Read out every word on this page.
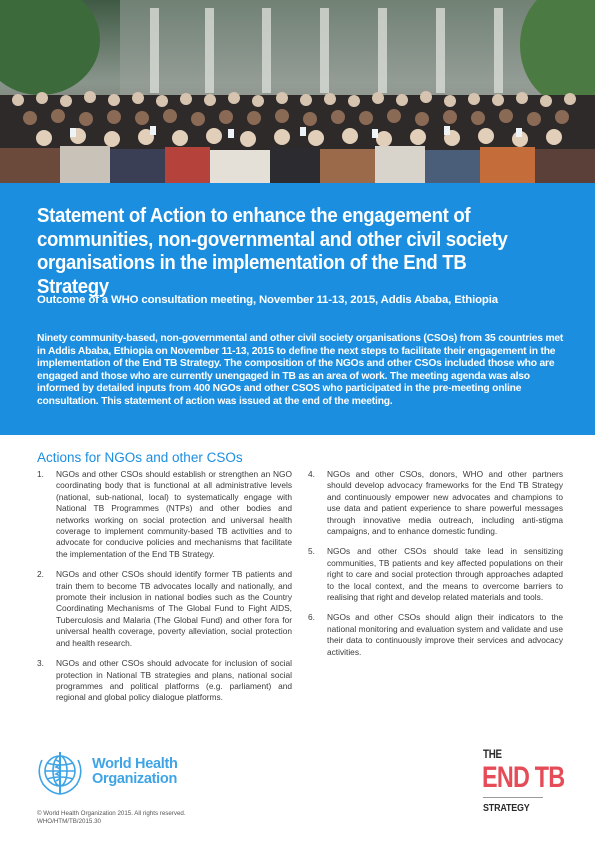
Statement of Action to enhance the engagement of communities, non-governmental and other civil society organisations in the implementation of the End TB Strategy

Outcome of a WHO consultation meeting, November 11-13, 2015, Addis Ababa, Ethiopia

Ninety community-based, non-governmental and other civil society organisations (CSOs) from 35 countries met in Addis Ababa, Ethiopia on November 11-13, 2015 to define the next steps to facilitate their engagement in the implementation of the End TB Strategy. The composition of the NGOs and other CSOs included those who are engaged and those who are currently unengaged in TB as an area of work. The meeting agenda was also informed by detailed inputs from 400 NGOs and other CSOS who participated in the pre-meeting online consultation. This statement of action was issued at the end of the meeting.

Actions for NGOs and other CSOs
1. NGOs and other CSOs should establish or strengthen an NGO coordinating body that is functional at all administrative levels (national, sub-national, local) to systematically engage with National TB Programmes (NTPs) and other bodies and networks working on social protection and universal health coverage to implement community-based TB activities and to advocate for conducive policies and mechanisms that facilitate the implementation of the End TB Strategy.
2. NGOs and other CSOs should identify former TB patients and train them to become TB advocates locally and nationally, and promote their inclusion in national bodies such as the Country Coordinating Mechanisms of The Global Fund to Fight AIDS, Tuberculosis and Malaria (The Global Fund) and other fora for universal health coverage, poverty alleviation, social protection and health research.
3. NGOs and other CSOs should advocate for inclusion of social protection in National TB strategies and plans, national social programmes and political platforms (e.g. parliament) and regional and global policy dialogue platforms.
4. NGOs and other CSOs, donors, WHO and other partners should develop advocacy frameworks for the End TB Strategy and continuously empower new advocates and champions to use data and patient experience to share powerful messages through innovative media outreach, including anti-stigma campaigns, and to enhance domestic funding.
5. NGOs and other CSOs should take lead in sensitizing communities, TB patients and key affected populations on their right to care and social protection through approaches adapted to the local context, and the means to overcome barriers to realising that right and develop related materials and tools.
6. NGOs and other CSOs should align their indicators to the national monitoring and evaluation system and validate and use their data to continuously improve their services and advocacy activities.
World Health
Organization
© World Health Organization 2015. All rights reserved.
WHO/HTM/TB/2015.30
THE
END TB
STRATEGY
